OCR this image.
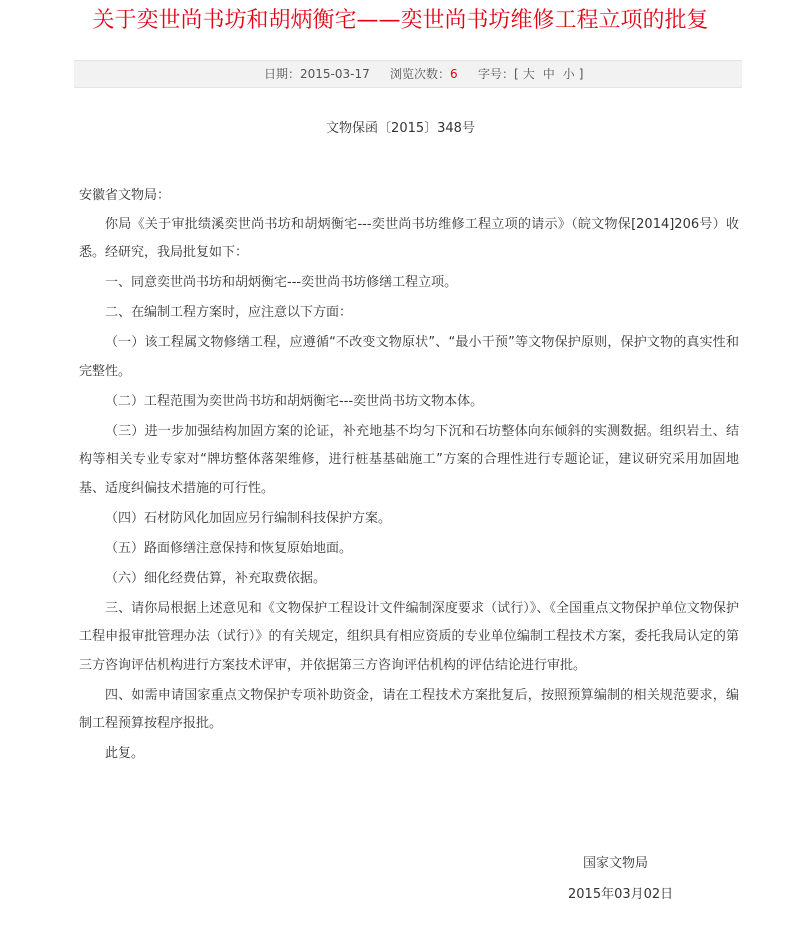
关于奕世尚书坊和胡炳衡宅——奕世尚书坊维修工程立项的批复
日期：2015-03-17 浏览次数：6 字号：[ 大 中 小 ]
文物保函〔2015〕348号

安徽省文物局：

你局《关于审批绩溪奕世尚书坊和胡炳衡宅---奕世尚书坊维修工程立项的请示》（皖文物保[2014]206号）收悉。经研究，我局批复如下：

一、同意奕世尚书坊和胡炳衡宅---奕世尚书坊修缮工程立项。

二、在编制工程方案时，应注意以下方面：

（一）该工程属文物修缮工程，应遵循“不改变文物原状”、“最小干预”等文物保护原则，保护文物的真实性和完整性。

（二）工程范围为奕世尚书坊和胡炳衡宅---奕世尚书坊文物本体。

（三）进一步加强结构加固方案的论证，补充地基不均匀下沉和石坊整体向东倾斜的实测数据。组织岩土、结构等相关专业专家对“牌坊整体落架维修，进行桩基基础施工”方案的合理性进行专题论证，建议研究采用加固地基、适度纠偏技术措施的可行性。

（四）石材防风化加固应另行编制科技保护方案。

（五）路面修缮注意保持和恢复原始地面。

（六）细化经费估算，补充取费依据。

三、请你局根据上述意见和《文物保护工程设计文件编制深度要求（试行）》、《全国重点文物保护单位文物保护工程申报审批管理办法（试行）》的有关规定，组织具有相应资质的专业单位编制工程技术方案，委托我局认定的第三方咨询评估机构进行方案技术评审，并依据第三方咨询评估机构的评估结论进行审批。

四、如需申请国家重点文物保护专项补助资金，请在工程技术方案批复后，按照预算编制的相关规范要求，编制工程预算按程序报批。

此复。

国家文物局
2015年03月02日
